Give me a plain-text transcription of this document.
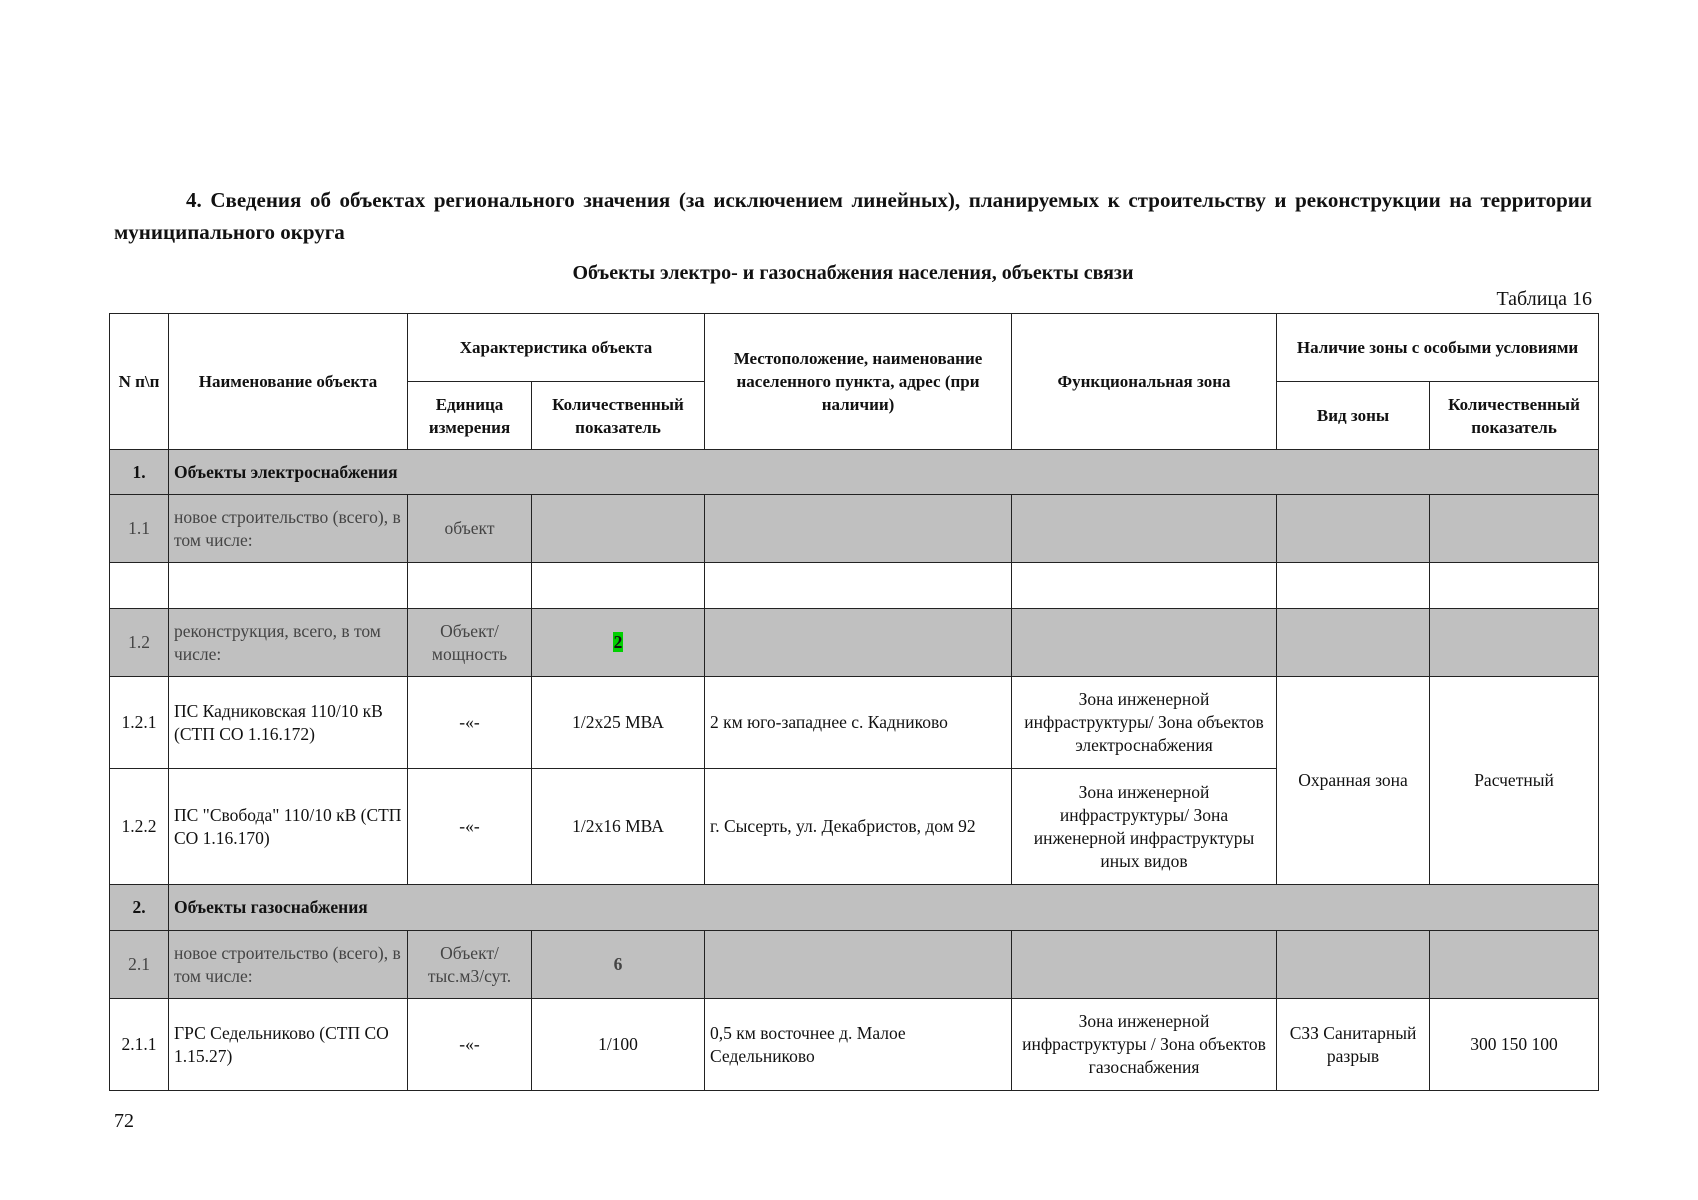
4. Сведения об объектах регионального значения (за исключением линейных), планируемых к строительству и реконструкции на территории муниципального округа

Объекты электро- и газоснабжения населения, объекты связи

Таблица 16

N п\п	Наименование объекта	Характеристика объекта		Местоположение, наименование населенного пункта, адрес (при наличии)	Функциональная зона	Наличие зоны с особыми условиями	
		Единица измерения	Количественный показатель			Вид зоны	Количественный показатель
1.	Объекты электроснабжения						
1.1	новое строительство (всего), в том числе:	объект					

1.2	реконструкция, всего, в том числе:	Объект/ мощность	2				
1.2.1	ПС Кадниковская 110/10 кВ (СТП СО 1.16.172)	-«-	1/2х25 МВА	2 км юго-западнее с. Кадниково	Зона инженерной инфраструктуры/ Зона объектов электроснабжения	Охранная зона	Расчетный
1.2.2	ПС "Свобода" 110/10 кВ (СТП СО 1.16.170)	-«-	1/2х16 МВА	г. Сысерть, ул. Декабристов, дом 92	Зона инженерной инфраструктуры/ Зона инженерной инфраструктуры иных видов		
2.	Объекты газоснабжения						
2.1	новое строительство (всего), в том числе:	Объект/ тыс.м3/сут.	6				
2.1.1	ГРС Седельниково (СТП СО 1.15.27)	-«-	1/100	0,5 км восточнее д. Малое Седельниково	Зона инженерной инфраструктуры / Зона объектов газоснабжения	СЗЗ Санитарный разрыв	300 150 100

72
